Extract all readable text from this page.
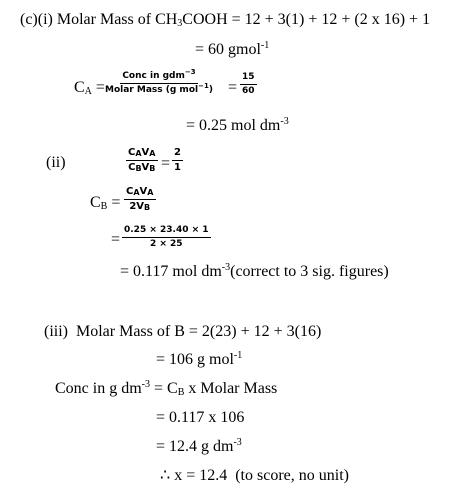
(c)(i) Molar Mass of $CH_3COOH = 12 + 3(1) + 12 + (2$ x 16) + 1
= 60 gmol$^{-1}$
$C_A$ =
Conc in gdm$^{-3}$
Molar Mass (g $mol^{-1}) = \frac{15}{60}$
= 0.25 mol $dm^{-3}$
(ii)
CAVA
CBVB = $\frac{2}{1}$
$C_B$ =
CAVA
2VB
= $\frac{0.25 \times 23.40 \times 1}{2 \times 25}$
= 0.117 mol $dm^{-3}(correct$ to 3 sig. figures)
(iii) Molar Mass of B = 2(23) + 12 + 3(16)
= 106 g mol$^{-1}$
Conc in g $dm^{-3} = C_B$ x Molar Mass
= 0.117 x 106
= 12.4 g $dm^{-3}$
∴ x = 12.4 (to score, no unit)
